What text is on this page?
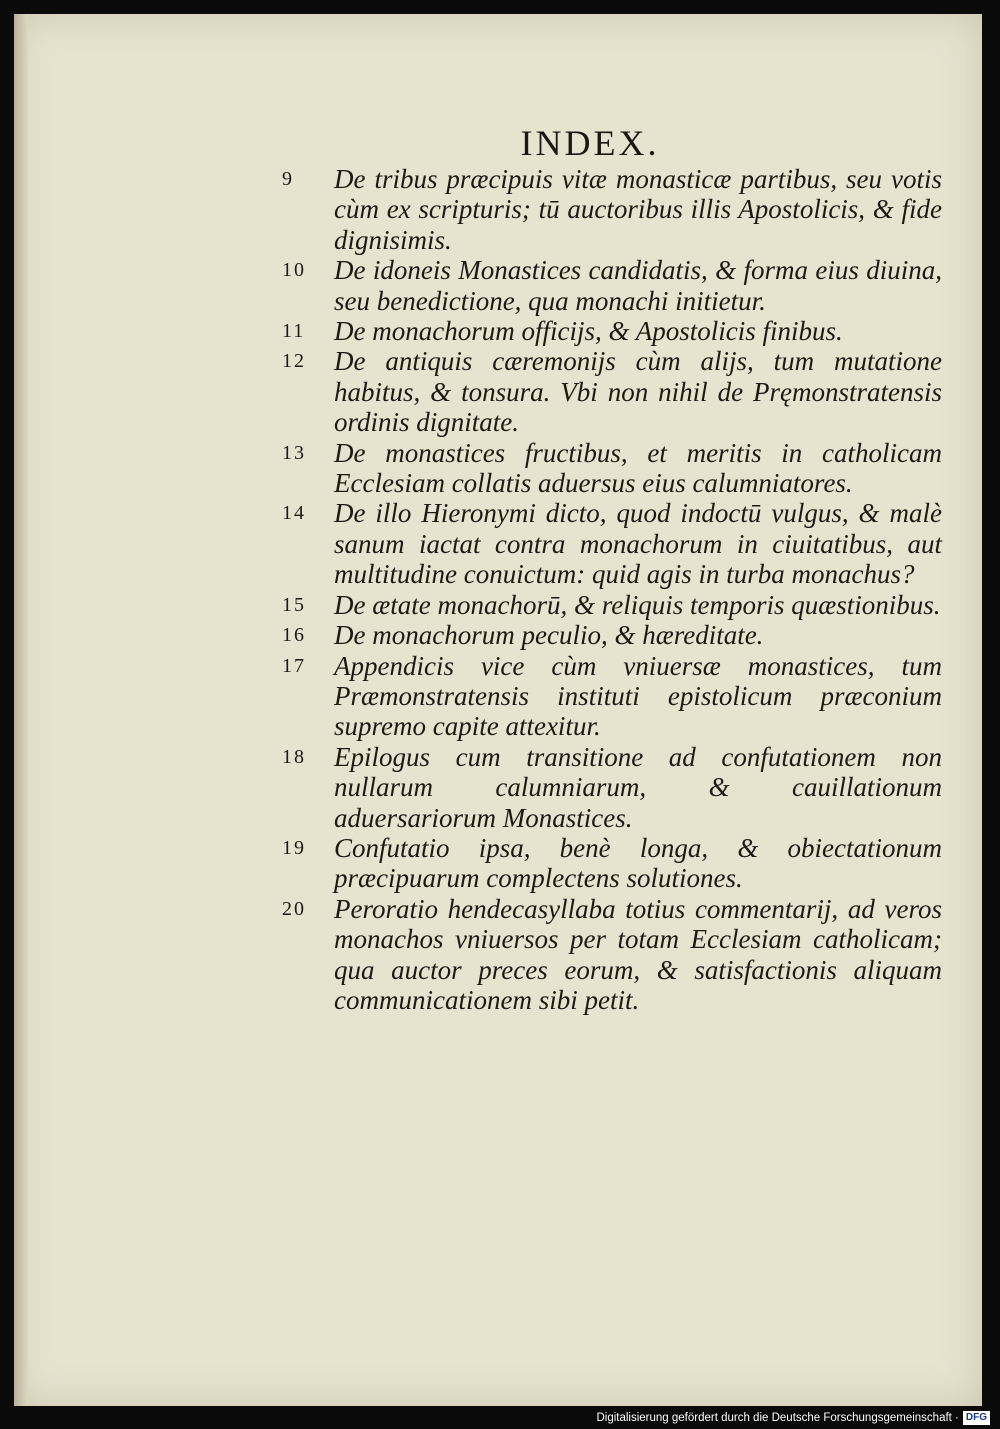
INDEX.
9	De tribus præcipuis vitæ monasticæ partibus, seu votis cùm ex scripturis; tū auctoribus illis Apostolicis, & fide dignisimis.
10	De idoneis Monastices candidatis, & forma eius diuina, seu benedictione, qua monachi initietur.
11	De monachorum officijs, & Apostolicis finibus.
12	De antiquis cæremonijs cùm alijs, tum mutatione habitus, & tonsura. Vbi non nihil de Pręmonstratensis ordinis dignitate.
13	De monastices fructibus, et meritis in catholicam Ecclesiam collatis aduersus eius calumniatores.
14	De illo Hieronymi dicto, quod indoctū vulgus, & malè sanum iactat contra monachorum in ciuitatibus, aut multitudine conuictum: quid agis in turba monachus?
15	De ætate monachorū, & reliquis temporis quæstionibus.
16	De monachorum peculio, & hæreditate.
17	Appendicis vice cùm vniuersæ monastices, tum Præmonstratensis instituti epistolicum præconium supremo capite attexitur.
18	Epilogus cum transitione ad confutationem non nullarum calumniarum, & cauillationum aduersariorum Monastices.
19	Confutatio ipsa, benè longa, & obiectationum præcipuarum complectens solutiones.
20	Peroratio hendecasyllaba totius commentarij, ad veros monachos vniuersos per totam Ecclesiam catholicam; qua auctor preces eorum, & satisfactionis aliquam communicationem sibi petit.
Digitalisierung gefördert durch die Deutsche Forschungsgemeinschaft · DFG
